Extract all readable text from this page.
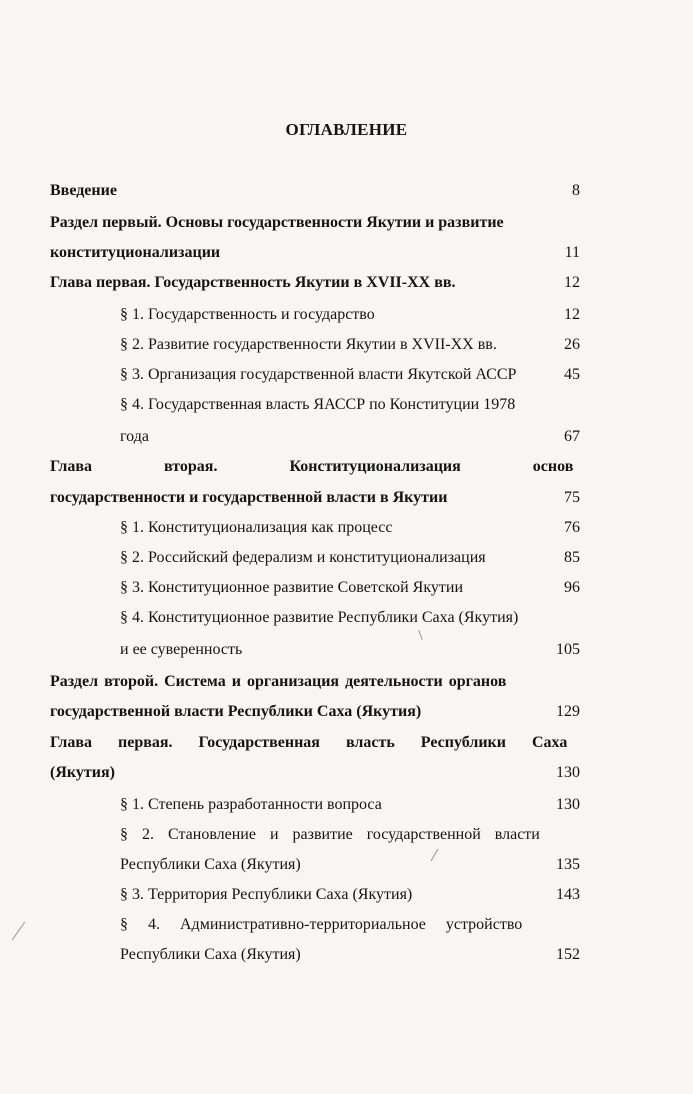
ОГЛАВЛЕНИЕ
Введение	8
Раздел первый. Основы государственности Якутии и развитие
конституционализации	11
Глава первая. Государственность Якутии в XVII-XX вв.	12
§ 1. Государственность и государство	12
§ 2. Развитие государственности Якутии в XVII-XX вв.	26
§ 3. Организация государственной власти Якутской АССР	45
§ 4. Государственная власть ЯАССР по Конституции 1978
года	67
Глава вторая. Конституционализация основ
государственности и государственной власти в Якутии	75
§ 1. Конституционализация как процесс	76
§ 2. Российский федерализм и конституционализация	85
§ 3. Конституционное развитие Советской Якутии	96
§ 4. Конституционное развитие Республики Саха (Якутия)
и ее суверенность	105
Раздел второй. Система и организация деятельности органов
государственной власти Республики Саха (Якутия)	129
Глава первая. Государственная власть Республики Саха
(Якутия)	130
§ 1. Степень разработанности вопроса	130
§ 2. Становление и развитие государственной власти
Республики Саха (Якутия)	135
§ 3. Территория Республики Саха (Якутия)	143
§ 4. Административно-территориальное устройство
Республики Саха (Якутия)	152
